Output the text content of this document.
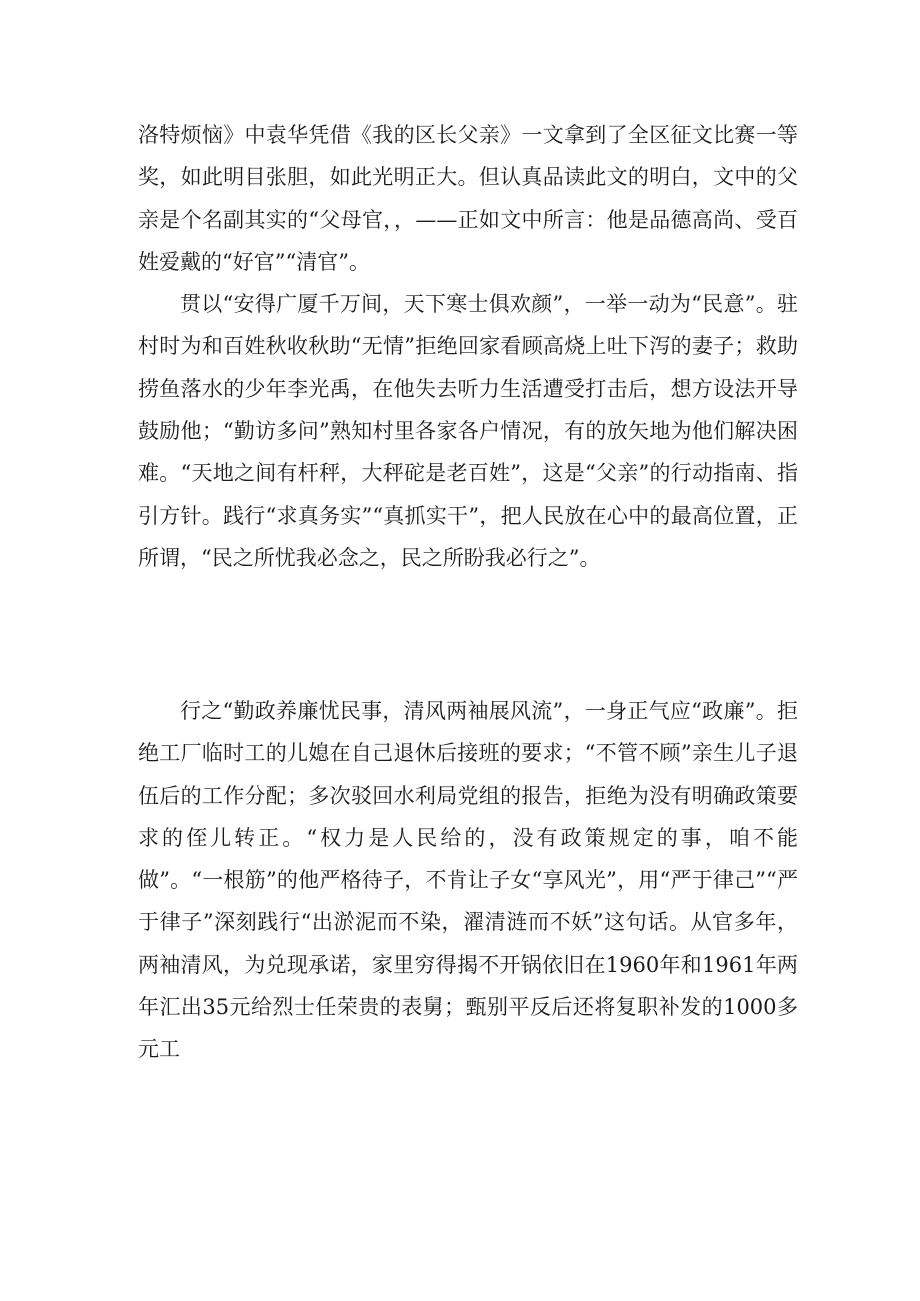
洛特烦恼》中袁华凭借《我的区长父亲》一文拿到了全区征文比赛一等奖，如此明目张胆，如此光明正大。但认真品读此文的明白，文中的父亲是个名副其实的“父母官，，——正如文中所言：他是品德高尚、受百姓爱戴的“好官”“清官”。

贯以“安得广厦千万间，天下寒士俱欢颜”，一举一动为“民意”。驻村时为和百姓秋收秋助“无情”拒绝回家看顾高烧上吐下泻的妻子；救助捞鱼落水的少年李光禹，在他失去听力生活遭受打击后，想方设法开导鼓励他；“勤访多问”熟知村里各家各户情况，有的放矢地为他们解决困难。“天地之间有杆秤，大秤砣是老百姓”，这是“父亲”的行动指南、指引方针。践行“求真务实”“真抓实干”，把人民放在心中的最高位置，正所谓，“民之所忧我必念之，民之所盼我必行之”。

行之“勤政养廉忧民事，清风两袖展风流”，一身正气应“政廉”。拒绝工厂临时工的儿媳在自己退休后接班的要求；“不管不顾”亲生儿子退伍后的工作分配；多次驳回水利局党组的报告，拒绝为没有明确政策要求的侄儿转正。“权力是人民给的，没有政策规定的事，咱不能做”。“一根筋”的他严格待子，不肯让子女“享风光”，用“严于律己”“严于律子”深刻践行“出淤泥而不染，濯清涟而不妖”这句话。从官多年，两袖清风，为兑现承诺，家里穷得揭不开锅依旧在1960年和1961年两年汇出35元给烈士任荣贵的表舅；甄别平反后还将复职补发的1000多元工
